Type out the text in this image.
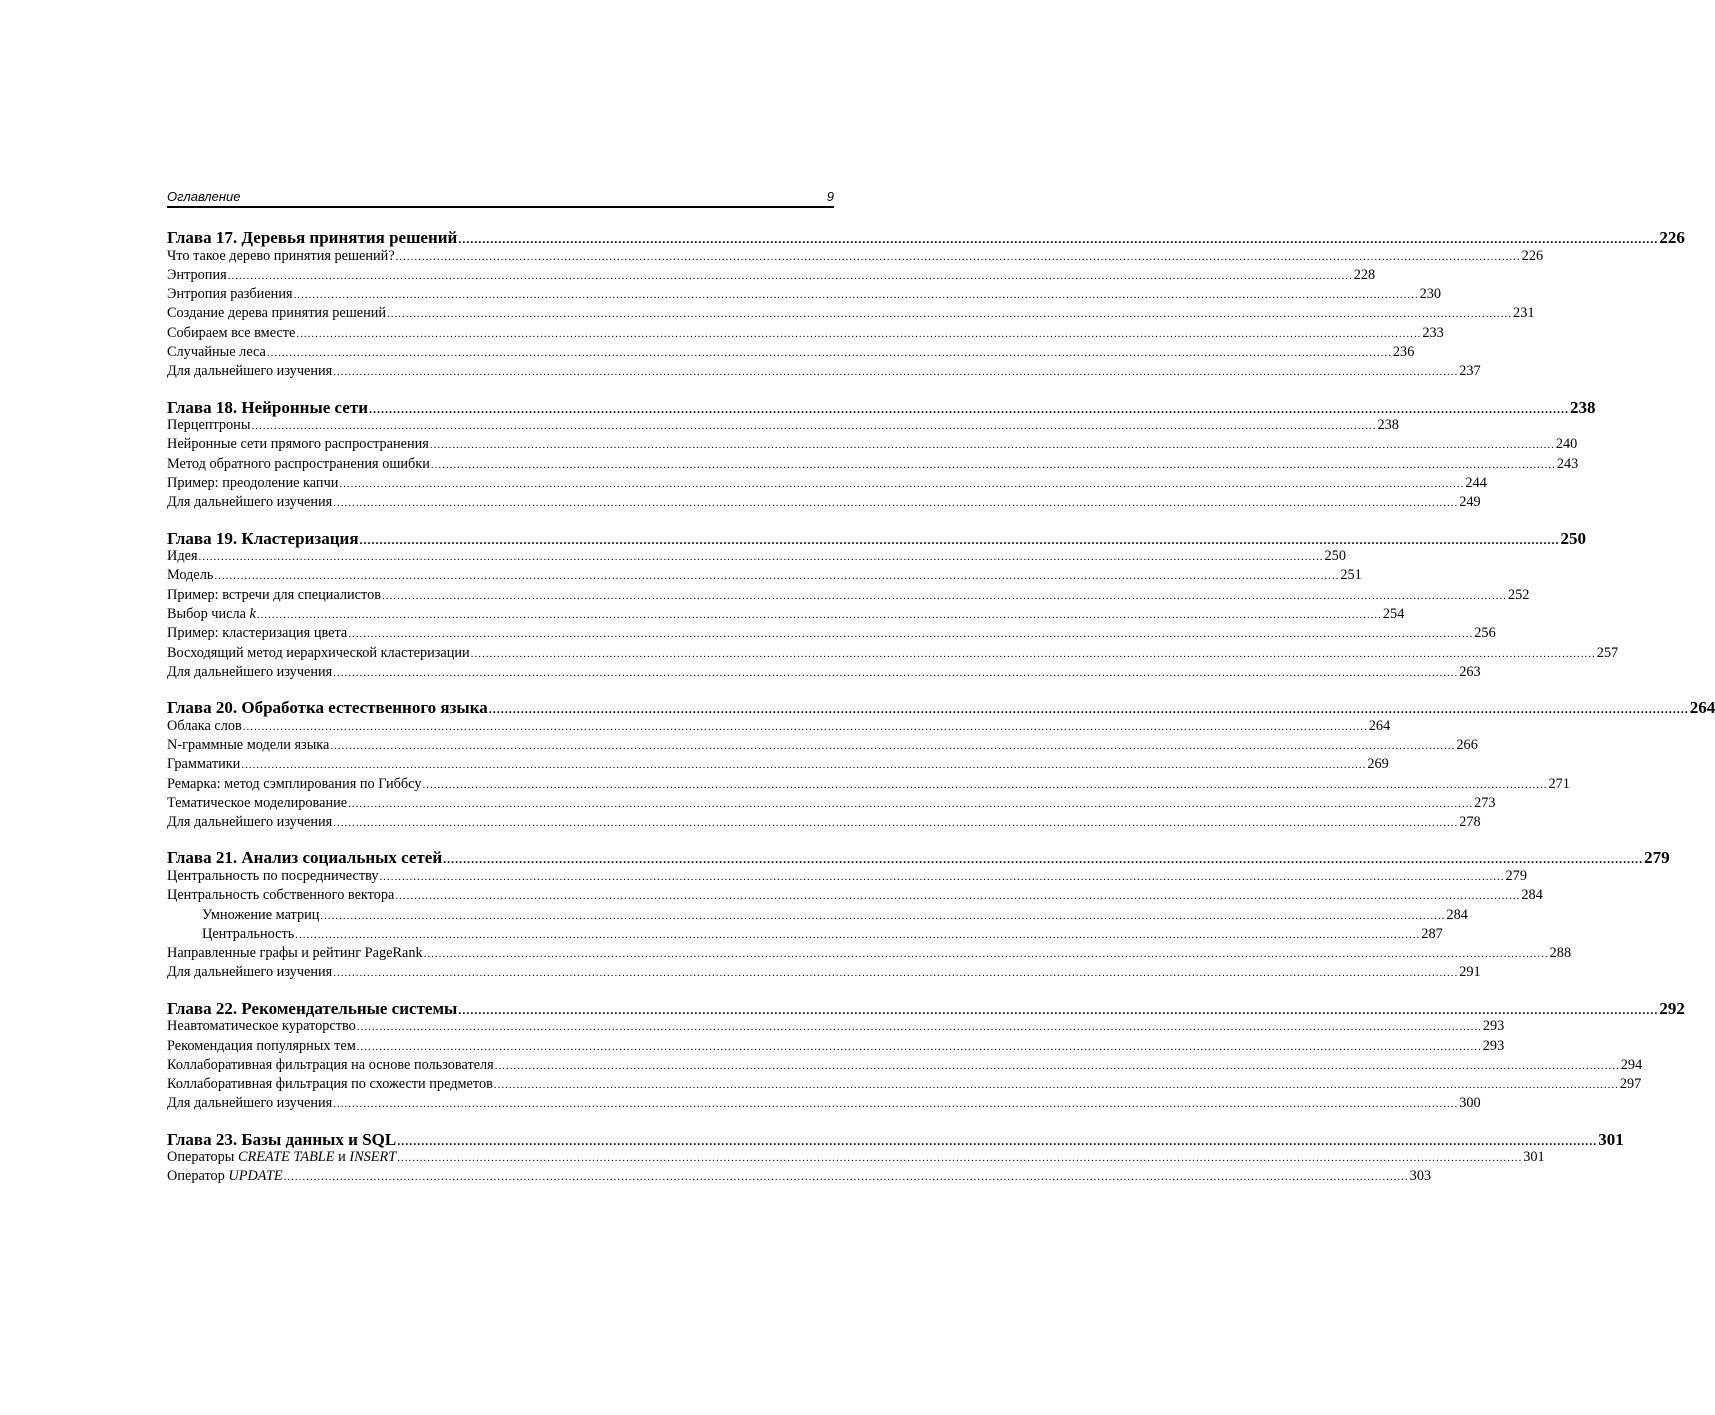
Оглавление	9
Глава 17. Деревья принятия решений ............................................................................................................................................................................................................................................................................................................ 226
Что такое дерево принятия решений? ............................................................................................................................................................................................................................................................................................................ 226
Энтропия ............................................................................................................................................................................................................................................................................................................ 228
Энтропия разбиения ............................................................................................................................................................................................................................................................................................................ 230
Создание дерева принятия решений ............................................................................................................................................................................................................................................................................................................ 231
Собираем все вместе ............................................................................................................................................................................................................................................................................................................ 233
Случайные леса ............................................................................................................................................................................................................................................................................................................ 236
Для дальнейшего изучения ............................................................................................................................................................................................................................................................................................................ 237
Глава 18. Нейронные сети ............................................................................................................................................................................................................................................................................................................ 238
Перцептроны ............................................................................................................................................................................................................................................................................................................ 238
Нейронные сети прямого распространения ............................................................................................................................................................................................................................................................................................................ 240
Метод обратного распространения ошибки ............................................................................................................................................................................................................................................................................................................ 243
Пример: преодоление капчи ............................................................................................................................................................................................................................................................................................................ 244
Для дальнейшего изучения ............................................................................................................................................................................................................................................................................................................ 249
Глава 19. Кластеризация ............................................................................................................................................................................................................................................................................................................ 250
Идея ............................................................................................................................................................................................................................................................................................................ 250
Модель ............................................................................................................................................................................................................................................................................................................ 251
Пример: встречи для специалистов ............................................................................................................................................................................................................................................................................................................ 252
Выбор числа k ............................................................................................................................................................................................................................................................................................................ 254
Пример: кластеризация цвета ............................................................................................................................................................................................................................................................................................................ 256
Восходящий метод иерархической кластеризации ............................................................................................................................................................................................................................................................................................................ 257
Для дальнейшего изучения ............................................................................................................................................................................................................................................................................................................ 263
Глава 20. Обработка естественного языка ............................................................................................................................................................................................................................................................................................................ 264
Облака слов ............................................................................................................................................................................................................................................................................................................ 264
N-граммные модели языка ............................................................................................................................................................................................................................................................................................................ 266
Грамматики ............................................................................................................................................................................................................................................................................................................ 269
Ремарка: метод сэмплирования по Гиббсу ............................................................................................................................................................................................................................................................................................................ 271
Тематическое моделирование ............................................................................................................................................................................................................................................................................................................ 273
Для дальнейшего изучения ............................................................................................................................................................................................................................................................................................................ 278
Глава 21. Анализ социальных сетей ............................................................................................................................................................................................................................................................................................................ 279
Центральность по посредничеству ............................................................................................................................................................................................................................................................................................................ 279
Центральность собственного вектора ............................................................................................................................................................................................................................................................................................................ 284
Умножение матриц ............................................................................................................................................................................................................................................................................................................ 284
Центральность ............................................................................................................................................................................................................................................................................................................ 287
Направленные графы и рейтинг PageRank ............................................................................................................................................................................................................................................................................................................ 288
Для дальнейшего изучения ............................................................................................................................................................................................................................................................................................................ 291
Глава 22. Рекомендательные системы ............................................................................................................................................................................................................................................................................................................ 292
Неавтоматическое кураторство ............................................................................................................................................................................................................................................................................................................ 293
Рекомендация популярных тем ............................................................................................................................................................................................................................................................................................................ 293
Коллаборативная фильтрация на основе пользователя ............................................................................................................................................................................................................................................................................................................ 294
Коллаборативная фильтрация по схожести предметов ............................................................................................................................................................................................................................................................................................................ 297
Для дальнейшего изучения ............................................................................................................................................................................................................................................................................................................ 300
Глава 23. Базы данных и SQL ............................................................................................................................................................................................................................................................................................................ 301
Операторы CREATE TABLE и INSERT ............................................................................................................................................................................................................................................................................................................ 301
Оператор UPDATE ............................................................................................................................................................................................................................................................................................................ 303
